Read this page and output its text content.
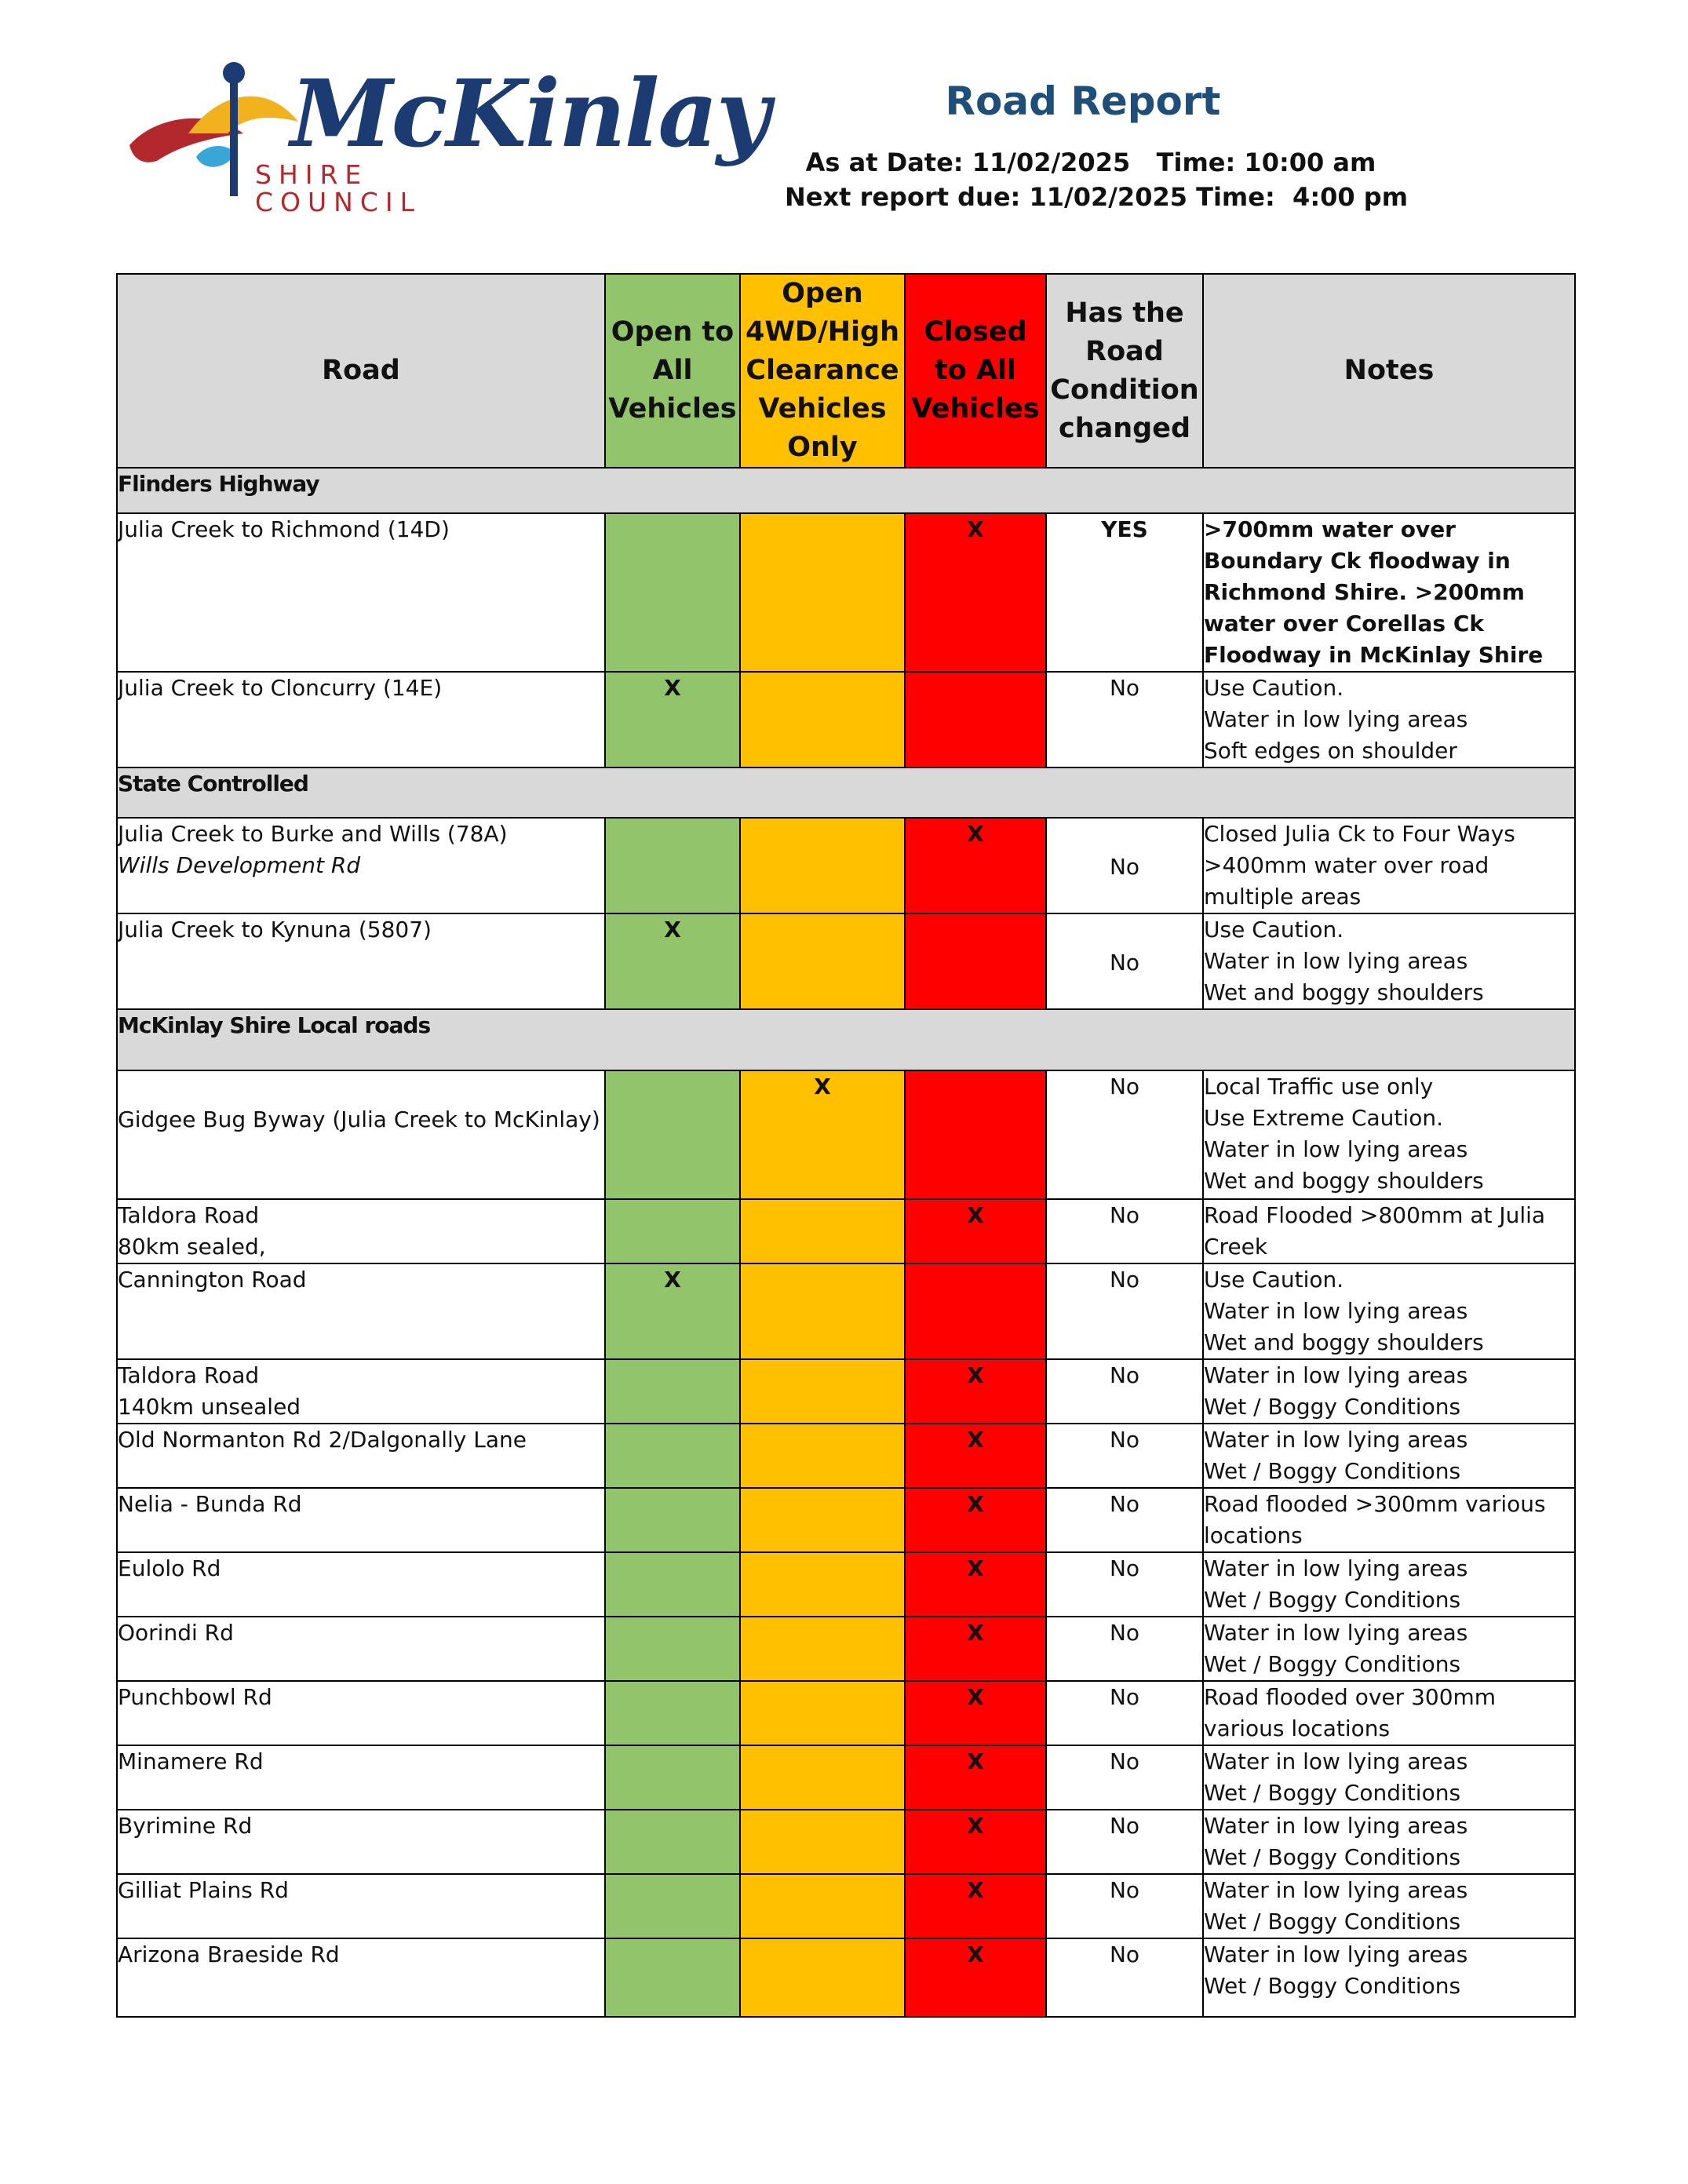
McKinlay
SHIRE
COUNCIL
Road Report
As at Date: 11/02/2025   Time: 10:00 am
Next report due: 11/02/2025 Time:  4:00 pm
Road	Open to All Vehicles	Open 4WD/High Clearance Vehicles Only	Closed to All Vehicles	Has the Road Condition changed	Notes
Flinders Highway					

Julia Creek to Richmond (14D)			X	YES	>700mm water over Boundary Ck floodway in Richmond Shire. >200mm water over Corellas Ck Floodway in McKinlay Shire

Julia Creek to Cloncurry (14E)	X			No	Use Caution.
Water in low lying areas
Soft edges on shoulder

State Controlled					

Julia Creek to Burke and Wills (78A)
Wills Development Rd			X	No	Closed Julia Ck to Four Ways
>400mm water over road
multiple areas

Julia Creek to Kynuna (5807)	X			No	Use Caution.
Water in low lying areas
Wet and boggy shoulders

McKinlay Shire Local roads					

Gidgee Bug Byway (Julia Creek to McKinlay)		X		No	Local Traffic use only
Use Extreme Caution.
Water in low lying areas
Wet and boggy shoulders

Taldora Road
80km sealed,			X	No	Road Flooded >800mm at Julia Creek

Cannington Road	X			No	Use Caution.
Water in low lying areas
Wet and boggy shoulders

Taldora Road
140km unsealed			X	No	Water in low lying areas
Wet / Boggy Conditions

Old Normanton Rd 2/Dalgonally Lane			X	No	Water in low lying areas
Wet / Boggy Conditions

Nelia - Bunda Rd			X	No	Road flooded >300mm various locations

Eulolo Rd			X	No	Water in low lying areas
Wet / Boggy Conditions

Oorindi Rd			X	No	Water in low lying areas
Wet / Boggy Conditions

Punchbowl Rd			X	No	Road flooded over 300mm various locations

Minamere Rd			X	No	Water in low lying areas
Wet / Boggy Conditions

Byrimine Rd			X	No	Water in low lying areas
Wet / Boggy Conditions

Gilliat Plains Rd			X	No	Water in low lying areas
Wet / Boggy Conditions

Arizona Braeside Rd			X	No	Water in low lying areas
Wet / Boggy Conditions
